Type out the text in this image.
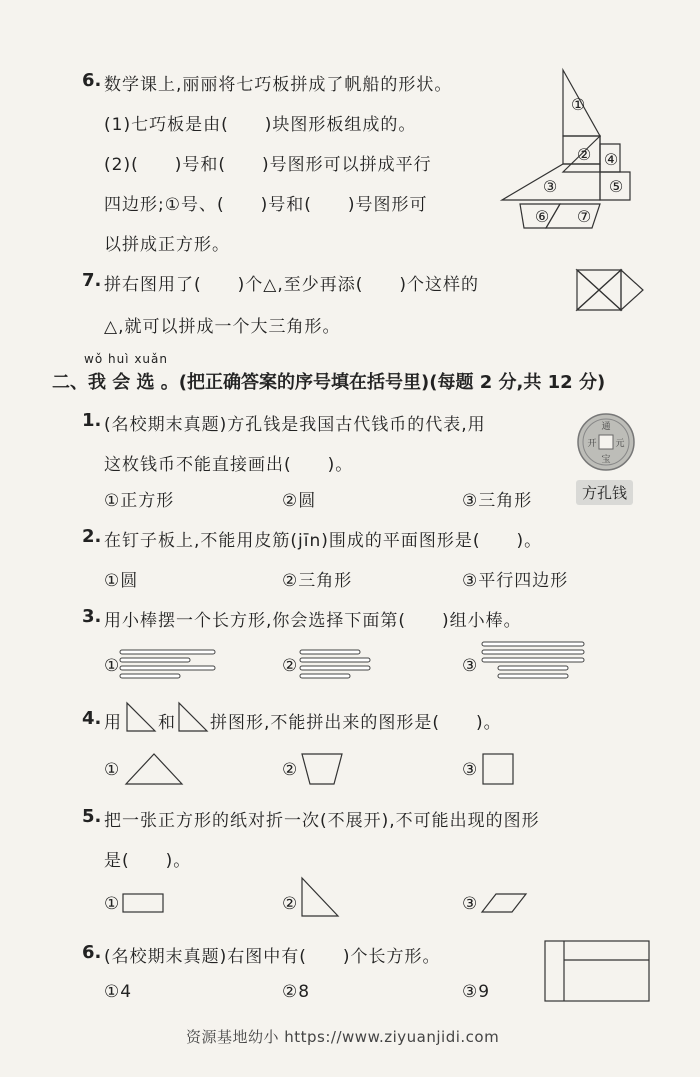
6. 数学课上,丽丽将七巧板拼成了帆船的形状。
(1)七巧板是由(　　)块图形板组成的。
(2)(　　)号和(　　)号图形可以拼成平行
四边形;①号、(　　)号和(　　)号图形可
以拼成正方形。
①
②
③
④
⑤
⑥ ⑦
7. 拼右图用了(　　)个△,至少再添(　　)个这样的
△,就可以拼成一个大三角形。
wǒ huì xuǎn
二、我 会 选 。(把正确答案的序号填在括号里)(每题 2 分,共 12 分)
1. (名校期末真题)方孔钱是我国古代钱币的代表,用
这枚钱币不能直接画出(　　)。
①正方形	②圆	③三角形
通
宝
开 元
方孔钱
2. 在钉子板上,不能用皮筋(jīn)围成的平面图形是(　　)。
①圆	②三角形	③平行四边形
3. 用小棒摆一个长方形,你会选择下面第(　　)组小棒。
①	②	③
4. 用 和 拼图形,不能拼出来的图形是(　　)。
①	②	③
5. 把一张正方形的纸对折一次(不展开),不可能出现的图形
是(　　)。
①	②	③
6. (名校期末真题)右图中有(　　)个长方形。
①4	②8	③9
资源基地幼小 https://www.ziyuanjidi.com
